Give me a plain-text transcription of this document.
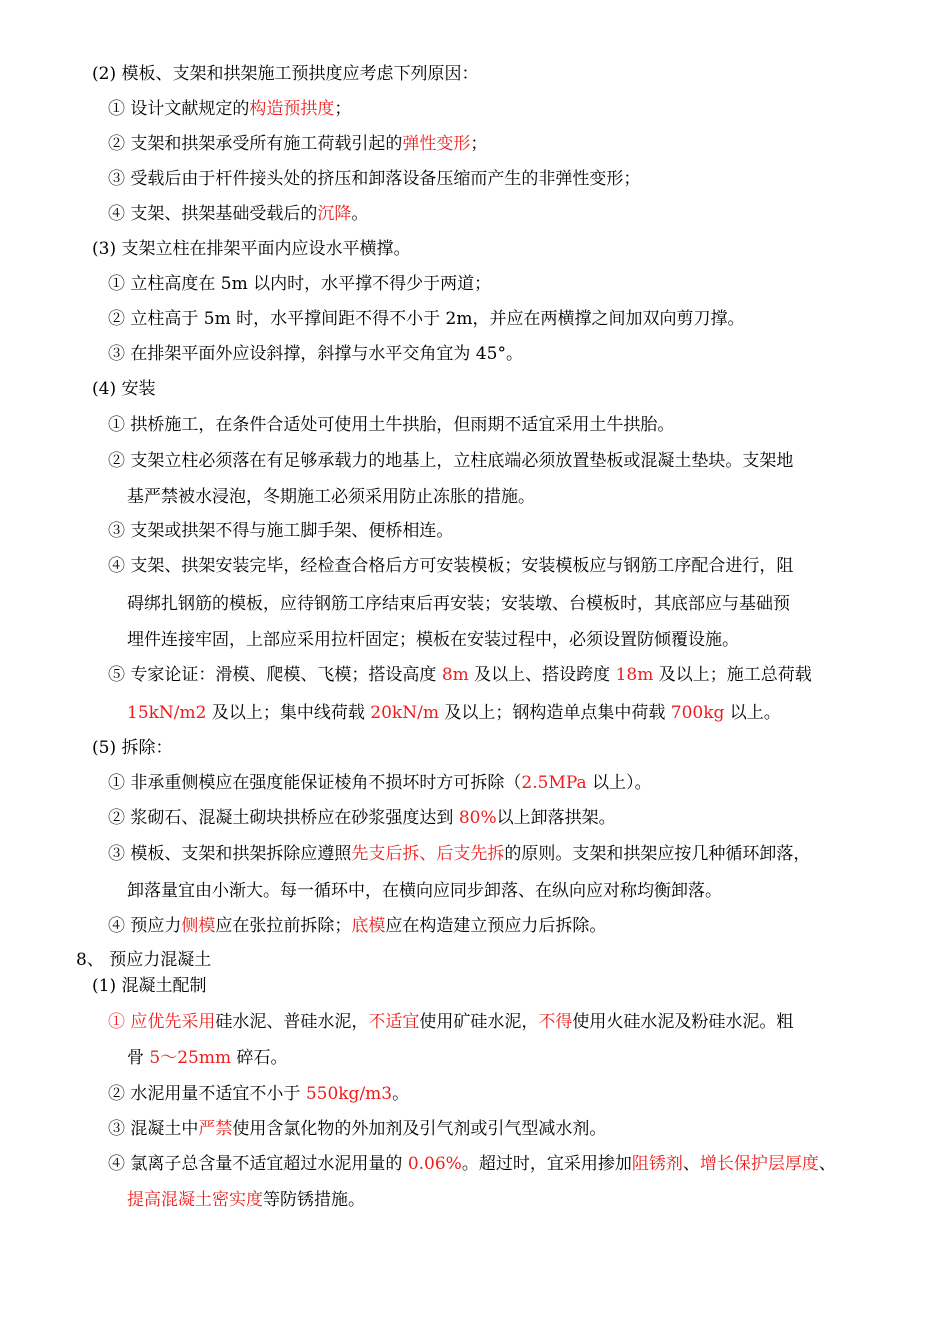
(2) 模板、支架和拱架施工预拱度应考虑下列原因：
① 设计文献规定的构造预拱度；
② 支架和拱架承受所有施工荷载引起的弹性变形；
③ 受载后由于杆件接头处的挤压和卸落设备压缩而产生的非弹性变形；
④ 支架、拱架基础受载后的沉降。
(3) 支架立柱在排架平面内应设水平横撑。
① 立柱高度在 5m 以内时，水平撑不得少于两道；
② 立柱高于 5m 时，水平撑间距不得不小于 2m，并应在两横撑之间加双向剪刀撑。
③ 在排架平面外应设斜撑，斜撑与水平交角宜为 45°。
(4) 安装
① 拱桥施工，在条件合适处可使用土牛拱胎，但雨期不适宜采用土牛拱胎。
② 支架立柱必须落在有足够承载力的地基上，立柱底端必须放置垫板或混凝土垫块。支架地
基严禁被水浸泡，冬期施工必须采用防止冻胀的措施。
③ 支架或拱架不得与施工脚手架、便桥相连。
④ 支架、拱架安装完毕，经检查合格后方可安装模板；安装模板应与钢筋工序配合进行，阻
碍绑扎钢筋的模板，应待钢筋工序结束后再安装；安装墩、台模板时，其底部应与基础预
埋件连接牢固，上部应采用拉杆固定；模板在安装过程中，必须设置防倾覆设施。
⑤ 专家论证：滑模、爬模、飞模；搭设高度 8m 及以上、搭设跨度 18m 及以上；施工总荷载
15kN/m2 及以上；集中线荷载 20kN/m 及以上；钢构造单点集中荷载 700kg 以上。
(5) 拆除：
① 非承重侧模应在强度能保证棱角不损坏时方可拆除（2.5MPa 以上）。
② 浆砌石、混凝土砌块拱桥应在砂浆强度达到 80%以上卸落拱架。
③ 模板、支架和拱架拆除应遵照先支后拆、后支先拆的原则。支架和拱架应按几种循环卸落，
卸落量宜由小渐大。每一循环中，在横向应同步卸落、在纵向应对称均衡卸落。
④ 预应力侧模应在张拉前拆除；底模应在构造建立预应力后拆除。
8、 预应力混凝土
(1) 混凝土配制
① 应优先采用硅水泥、普硅水泥，不适宜使用矿硅水泥，不得使用火硅水泥及粉硅水泥。粗
骨 5～25mm 碎石。
② 水泥用量不适宜不小于 550kg/m3。
③ 混凝土中严禁使用含氯化物的外加剂及引气剂或引气型减水剂。
④ 氯离子总含量不适宜超过水泥用量的 0.06%。超过时，宜采用掺加阻锈剂、增长保护层厚度、
提高混凝土密实度等防锈措施。
